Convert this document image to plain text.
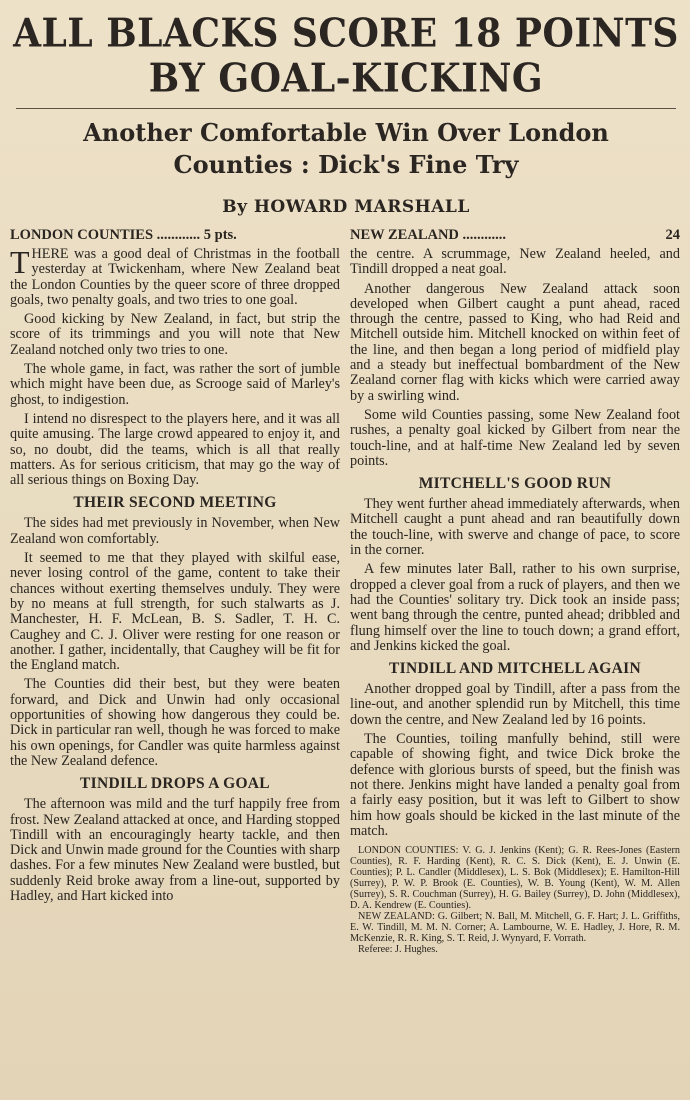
ALL BLACKS SCORE 18 POINTS
BY GOAL-KICKING
Another Comfortable Win Over London
Counties : Dick's Fine Try
By HOWARD MARSHALL
LONDON COUNTIES ............ 5 pts.

THERE was a good deal of Christmas in the football yesterday at Twickenham, where New Zealand beat the London Counties by the queer score of three dropped goals, two penalty goals, and two tries to one goal.

Good kicking by New Zealand, in fact, but strip the score of its trimmings and you will note that New Zealand notched only two tries to one.

The whole game, in fact, was rather the sort of jumble which might have been due, as Scrooge said of Marley's ghost, to indigestion.

I intend no disrespect to the players here, and it was all quite amusing. The large crowd appeared to enjoy it, and so, no doubt, did the teams, which is all that really matters. As for serious criticism, that may go the way of all serious things on Boxing Day.

THEIR SECOND MEETING

The sides had met previously in November, when New Zealand won comfortably.

It seemed to me that they played with skilful ease, never losing control of the game, content to take their chances without exerting themselves unduly. They were by no means at full strength, for such stalwarts as J. Manchester, H. F. McLean, B. S. Sadler, T. H. C. Caughey and C. J. Oliver were resting for one reason or another. I gather, incidentally, that Caughey will be fit for the England match.

The Counties did their best, but they were beaten forward, and Dick and Unwin had only occasional opportunities of showing how dangerous they could be. Dick in particular ran well, though he was forced to make his own openings, for Candler was quite harmless against the New Zealand defence.

TINDILL DROPS A GOAL

The afternoon was mild and the turf happily free from frost. New Zealand attacked at once, and Harding stopped Tindill with an encouragingly hearty tackle, and then Dick and Unwin made ground for the Counties with sharp dashes. For a few minutes New Zealand were bustled, but suddenly Reid broke away from a line-out, supported by Hadley, and Hart kicked into

NEW ZEALAND ............	24

the centre. A scrummage, New Zealand heeled, and Tindill dropped a neat goal.

Another dangerous New Zealand attack soon developed when Gilbert caught a punt ahead, raced through the centre, passed to King, who had Reid and Mitchell outside him. Mitchell knocked on within feet of the line, and then began a long period of midfield play and a steady but ineffectual bombardment of the New Zealand corner flag with kicks which were carried away by a swirling wind.

Some wild Counties passing, some New Zealand foot rushes, a penalty goal kicked by Gilbert from near the touch-line, and at half-time New Zealand led by seven points.

MITCHELL'S GOOD RUN

They went further ahead immediately afterwards, when Mitchell caught a punt ahead and ran beautifully down the touch-line, with swerve and change of pace, to score in the corner.

A few minutes later Ball, rather to his own surprise, dropped a clever goal from a ruck of players, and then we had the Counties' solitary try. Dick took an inside pass; went bang through the centre, punted ahead; dribbled and flung himself over the line to touch down; a grand effort, and Jenkins kicked the goal.

TINDILL AND MITCHELL AGAIN

Another dropped goal by Tindill, after a pass from the line-out, and another splendid run by Mitchell, this time down the centre, and New Zealand led by 16 points.

The Counties, toiling manfully behind, still were capable of showing fight, and twice Dick broke the defence with glorious bursts of speed, but the finish was not there. Jenkins might have landed a penalty goal from a fairly easy position, but it was left to Gilbert to show him how goals should be kicked in the last minute of the match.

LONDON COUNTIES: V. G. J. Jenkins (Kent); G. R. Rees-Jones (Eastern Counties), R. F. Harding (Kent), R. C. S. Dick (Kent), E. J. Unwin (E. Counties); P. L. Candler (Middlesex), L. S. Bok (Middlesex); E. Hamilton-Hill (Surrey), P. W. P. Brook (E. Counties), W. B. Young (Kent), W. M. Allen (Surrey), S. R. Couchman (Surrey), H. G. Bailey (Surrey), D. John (Middlesex), D. A. Kendrew (E. Counties).

NEW ZEALAND: G. Gilbert; N. Ball, M. Mitchell, G. F. Hart; J. L. Griffiths, E. W. Tindill, M. M. N. Corner; A. Lambourne, W. E. Hadley, J. Hore, R. M. McKenzie, R. R. King, S. T. Reid, J. Wynyard, F. Vorrath.

Referee: J. Hughes.
